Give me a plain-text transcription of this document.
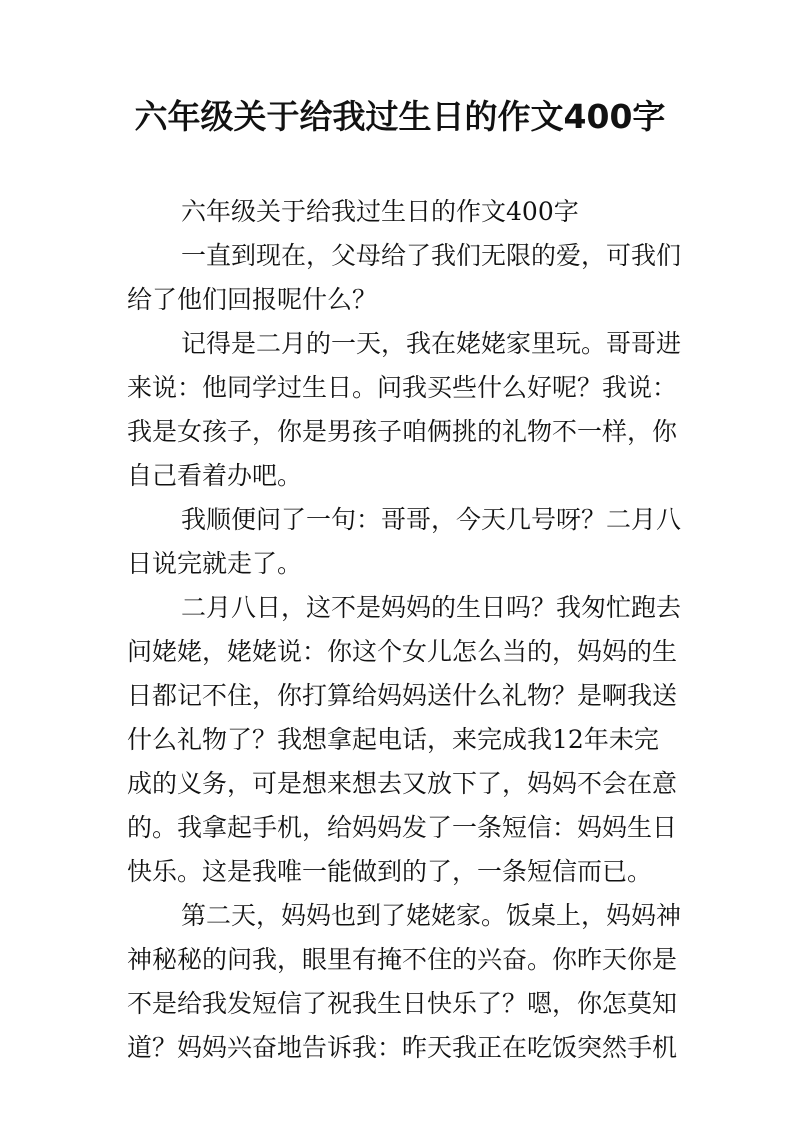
六年级关于给我过生日的作文400字

六年级关于给我过生日的作文400字

一直到现在，父母给了我们无限的爱，可我们
给了他们回报呢什么？

记得是二月的一天，我在姥姥家里玩。哥哥进
来说：他同学过生日。问我买些什么好呢？我说：
我是女孩子，你是男孩子咱俩挑的礼物不一样，你
自己看着办吧。

我顺便问了一句：哥哥，今天几号呀？二月八
日说完就走了。

二月八日，这不是妈妈的生日吗？我匆忙跑去
问姥姥，姥姥说：你这个女儿怎么当的，妈妈的生
日都记不住，你打算给妈妈送什么礼物？是啊我送
什么礼物了？我想拿起电话，来完成我12年未完
成的义务，可是想来想去又放下了，妈妈不会在意
的。我拿起手机，给妈妈发了一条短信：妈妈生日
快乐。这是我唯一能做到的了，一条短信而已。

第二天，妈妈也到了姥姥家。饭桌上，妈妈神
神秘秘的问我，眼里有掩不住的兴奋。你昨天你是
不是给我发短信了祝我生日快乐了？嗯，你怎莫知
道？妈妈兴奋地告诉我：昨天我正在吃饭突然手机
